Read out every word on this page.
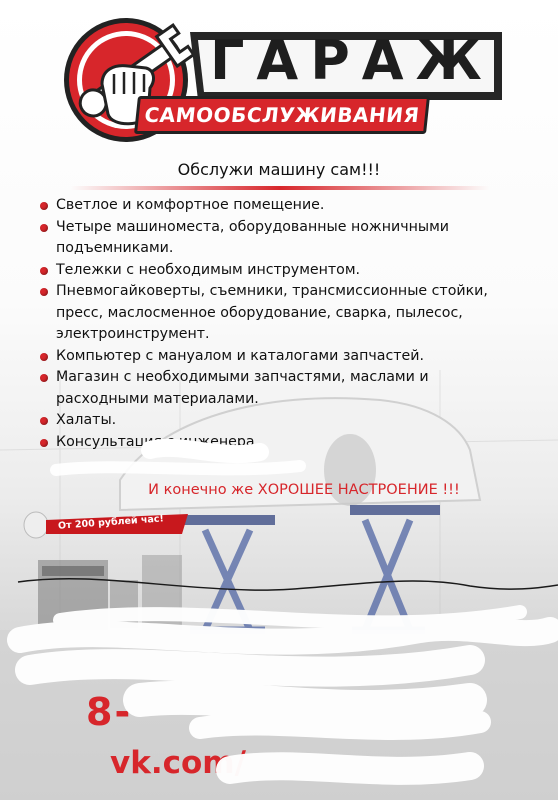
ГАРАЖ
САМООБСЛУЖИВАНИЯ
Обслужи машину сам!!!
Светлое и комфортное помещение.
Четыре машиноместа, оборудованные ножничными подъемниками.
Тележки с необходимым инструментом.
Пневмогайковерты, съемники, трансмиссионные стойки, пресс, маслосменное оборудование, сварка, пылесос, электроинструмент.
Компьютер с мануалом и каталогами запчастей.
Магазин с необходимыми запчастями, маслами и расходными материалами.
Халаты.
Консультация с инженера
И конечно же ХОРОШЕЕ НАСТРОЕНИЕ !!!
От 200 рублей час!
8-
vk.com/
